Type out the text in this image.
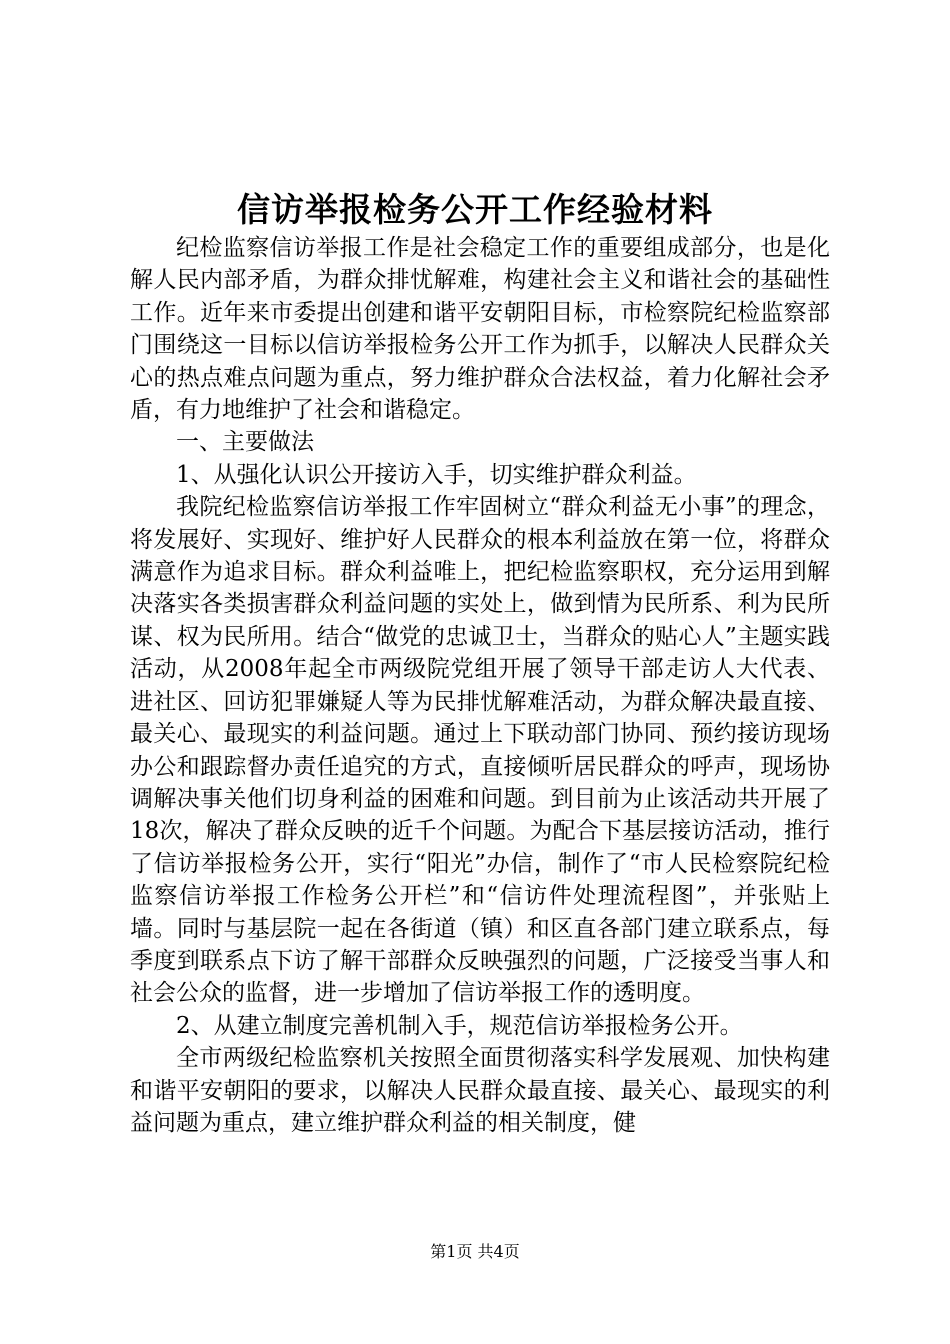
信访举报检务公开工作经验材料

纪检监察信访举报工作是社会稳定工作的重要组成部分，也是化解人民内部矛盾，为群众排忧解难，构建社会主义和谐社会的基础性工作。近年来市委提出创建和谐平安朝阳目标，市检察院纪检监察部门围绕这一目标以信访举报检务公开工作为抓手，以解决人民群众关心的热点难点问题为重点，努力维护群众合法权益，着力化解社会矛盾，有力地维护了社会和谐稳定。

一、主要做法

1、从强化认识公开接访入手，切实维护群众利益。

我院纪检监察信访举报工作牢固树立“群众利益无小事”的理念，将发展好、实现好、维护好人民群众的根本利益放在第一位，将群众满意作为追求目标。群众利益唯上，把纪检监察职权，充分运用到解决落实各类损害群众利益问题的实处上，做到情为民所系、利为民所谋、权为民所用。结合“做党的忠诚卫士，当群众的贴心人”主题实践活动，从2008年起全市两级院党组开展了领导干部走访人大代表、进社区、回访犯罪嫌疑人等为民排忧解难活动，为群众解决最直接、最关心、最现实的利益问题。通过上下联动部门协同、预约接访现场办公和跟踪督办责任追究的方式，直接倾听居民群众的呼声，现场协调解决事关他们切身利益的困难和问题。到目前为止该活动共开展了18次，解决了群众反映的近千个问题。为配合下基层接访活动，推行了信访举报检务公开，实行“阳光”办信，制作了“市人民检察院纪检监察信访举报工作检务公开栏”和“信访件处理流程图”，并张贴上墙。同时与基层院一起在各街道（镇）和区直各部门建立联系点，每季度到联系点下访了解干部群众反映强烈的问题，广泛接受当事人和社会公众的监督，进一步增加了信访举报工作的透明度。

2、从建立制度完善机制入手，规范信访举报检务公开。

全市两级纪检监察机关按照全面贯彻落实科学发展观、加快构建和谐平安朝阳的要求，以解决人民群众最直接、最关心、最现实的利益问题为重点，建立维护群众利益的相关制度，健

第1页 共4页
